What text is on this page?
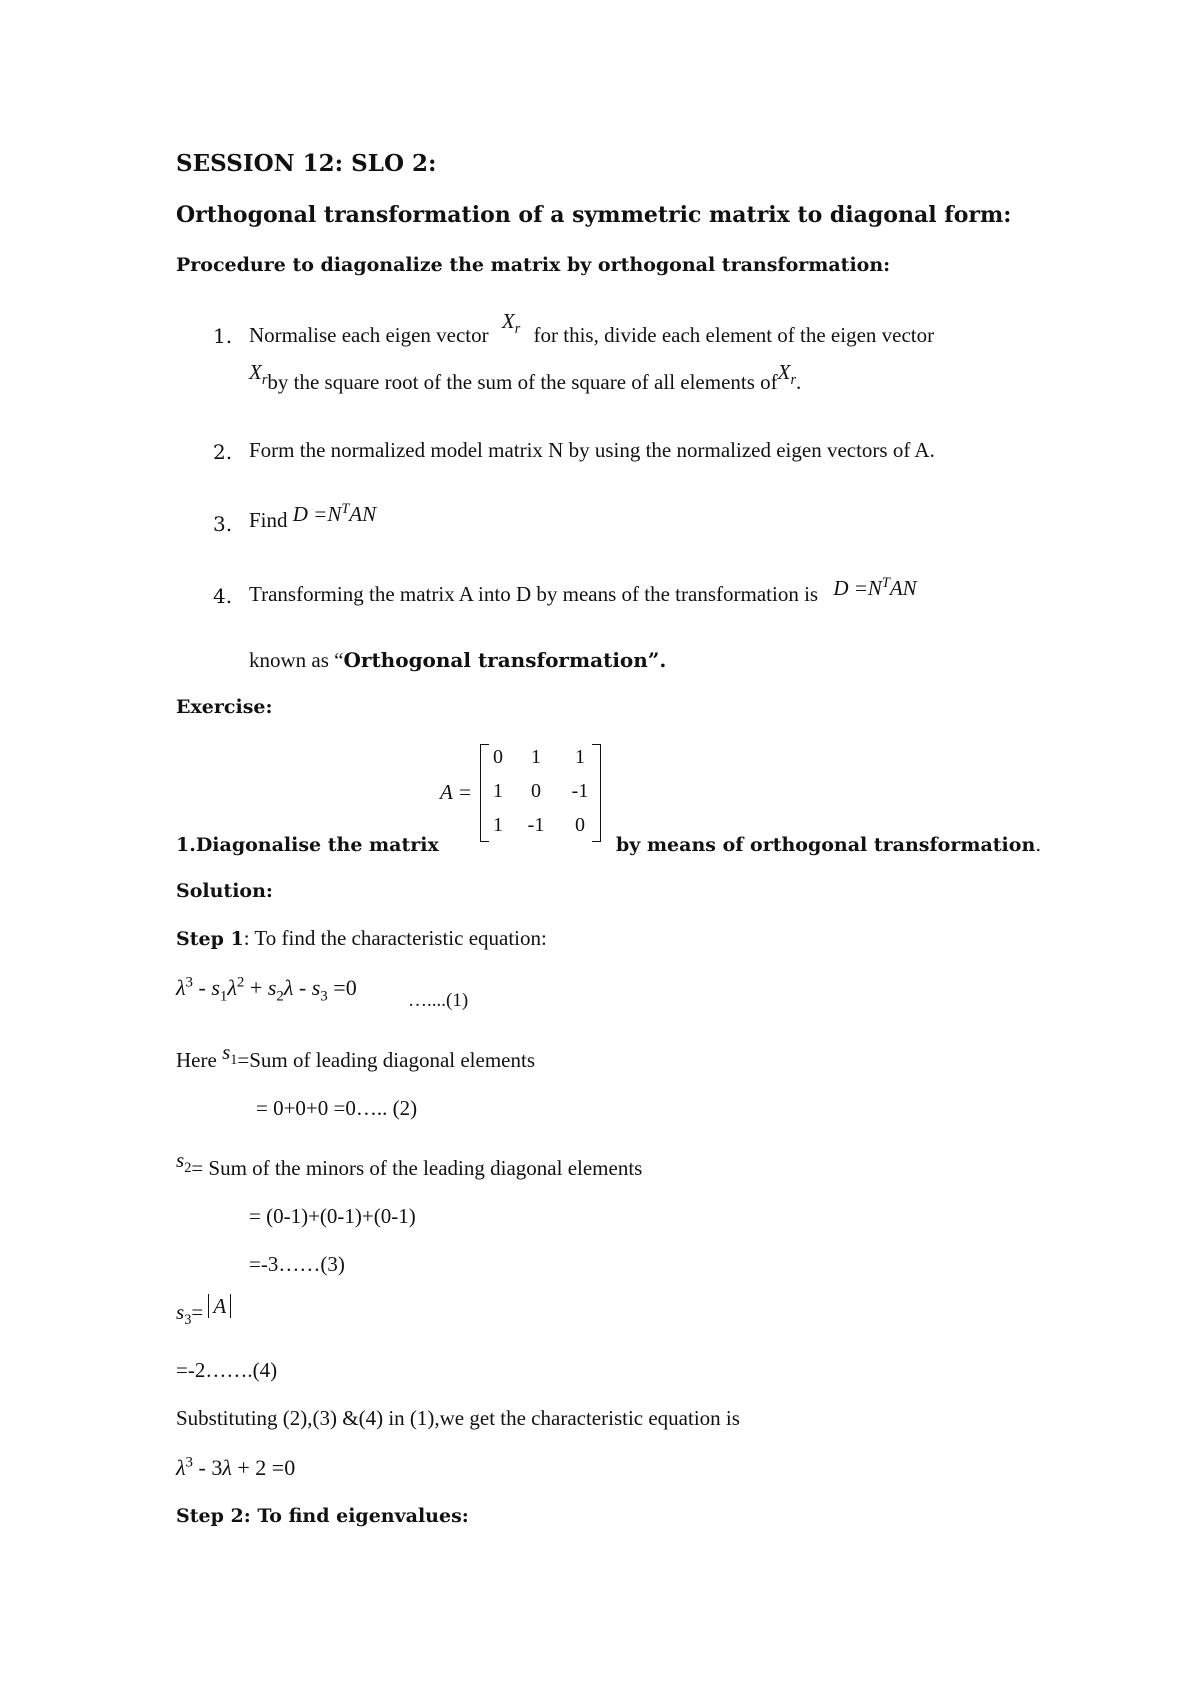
SESSION 12: SLO 2:
Orthogonal transformation of a symmetric matrix to diagonal form:
Procedure to diagonalize the matrix by orthogonal transformation:
1. Normalise each eigen vector $X_r$ for this, divide each element of the eigen vector
$X_rby$ the square root of the sum of the square of all elements ofX$_r$.
2. Form the normalized model matrix N by using the normalized eigen vectors of A.
3. Find $D =N^TAN$
4. Transforming the matrix A into D by means of the transformation is $D =N^TAN$
known as “Orthogonal transformation”.
Exercise:
A =
0	1	1
1	0	-1
1	-1	0
1.Diagonalise the matrix	by means of orthogonal transformation.
Solution:
Step 1: To find the characteristic equation:
$\lambda^3 - s_1\lambda^2 + s_2\lambda - s_3 =0$
…....(1)
Here $s_1=Sum$ of leading diagonal elements
= 0+0+0 =0….. (2)
$s_2=$ Sum of the minors of the leading diagonal elements
= (0-1)+(0-1)+(0-1)
=-3……(3)
$s_3= A$
=-2…….(4)
Substituting (2),(3) &(4) in (1),we get the characteristic equation is
$\lambda^3 - 3\lambda + 2 =0$
Step 2: To find eigenvalues:
